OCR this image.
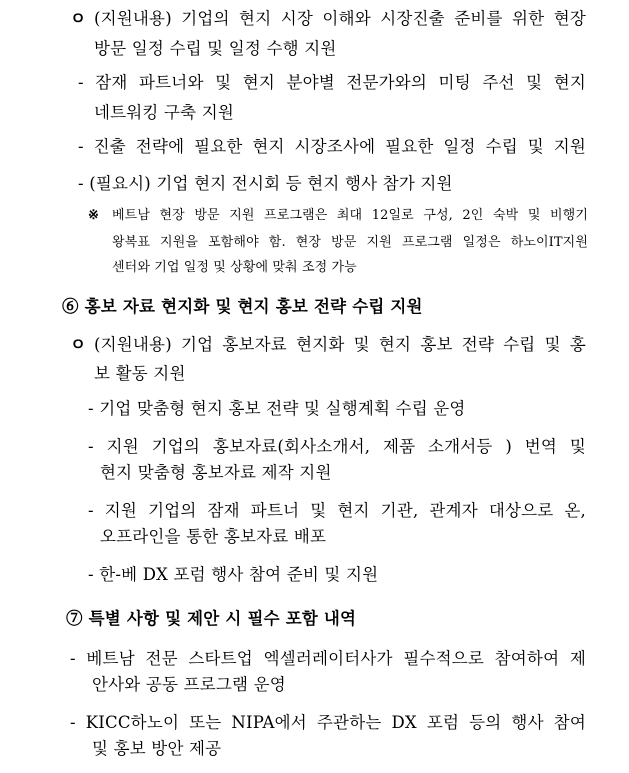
ㅇ (지원내용) 기업의 현지 시장 이해와 시장진출 준비를 위한 현장
방문 일정 수립 및 일정 수행 지원
- 잠재 파트너와 및 현지 분야별 전문가와의 미팅 주선 및 현지
네트워킹 구축 지원
- 진출 전략에 필요한 현지 시장조사에 필요한 일정 수립 및 지원
- (필요시) 기업 현지 전시회 등 현지 행사 참가 지원
※ 베트남 현장 방문 지원 프로그램은 최대 12일로 구성, 2인 숙박 및 비행기
왕복표 지원을 포함해야 함. 현장 방문 지원 프로그램 일정은 하노이IT지원
센터와 기업 일정 및 상황에 맞춰 조정 가능
⑥ 홍보 자료 현지화 및 현지 홍보 전략 수립 지원
ㅇ (지원내용) 기업 홍보자료 현지화 및 현지 홍보 전략 수립 및 홍
보 활동 지원
- 기업 맞춤형 현지 홍보 전략 및 실행계획 수립 운영
- 지원 기업의 홍보자료(회사소개서, 제품 소개서등 ) 번역 및
현지 맞춤형 홍보자료 제작 지원
- 지원 기업의 잠재 파트너 및 현지 기관, 관계자 대상으로 온,
오프라인을 통한 홍보자료 배포
- 한-베 DX 포럼 행사 참여 준비 및 지원
⑦ 특별 사항 및 제안 시 필수 포함 내역
- 베트남 전문 스타트업 엑셀러레이터사가 필수적으로 참여하여 제
안사와 공동 프로그램 운영
- KICC하노이 또는 NIPA에서 주관하는 DX 포럼 등의 행사 참여
및 홍보 방안 제공
